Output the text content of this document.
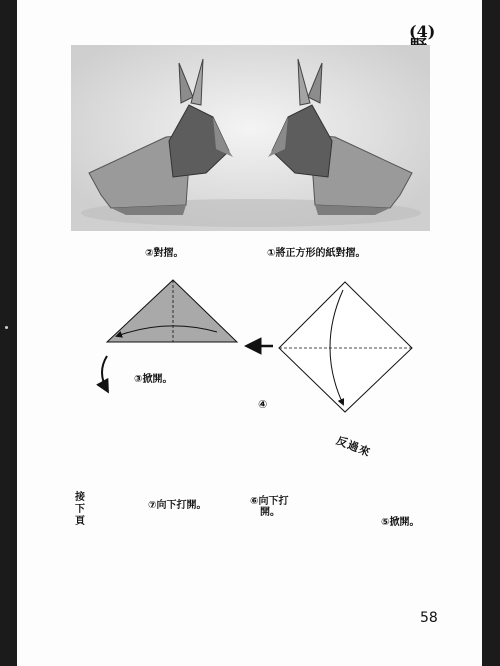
(4)
②對摺。	①將正方形的紙對摺。
③掀開。
④
反過來
⑤掀開。
⑥向下打
開。
⑦向下打開。
接下頁
58
